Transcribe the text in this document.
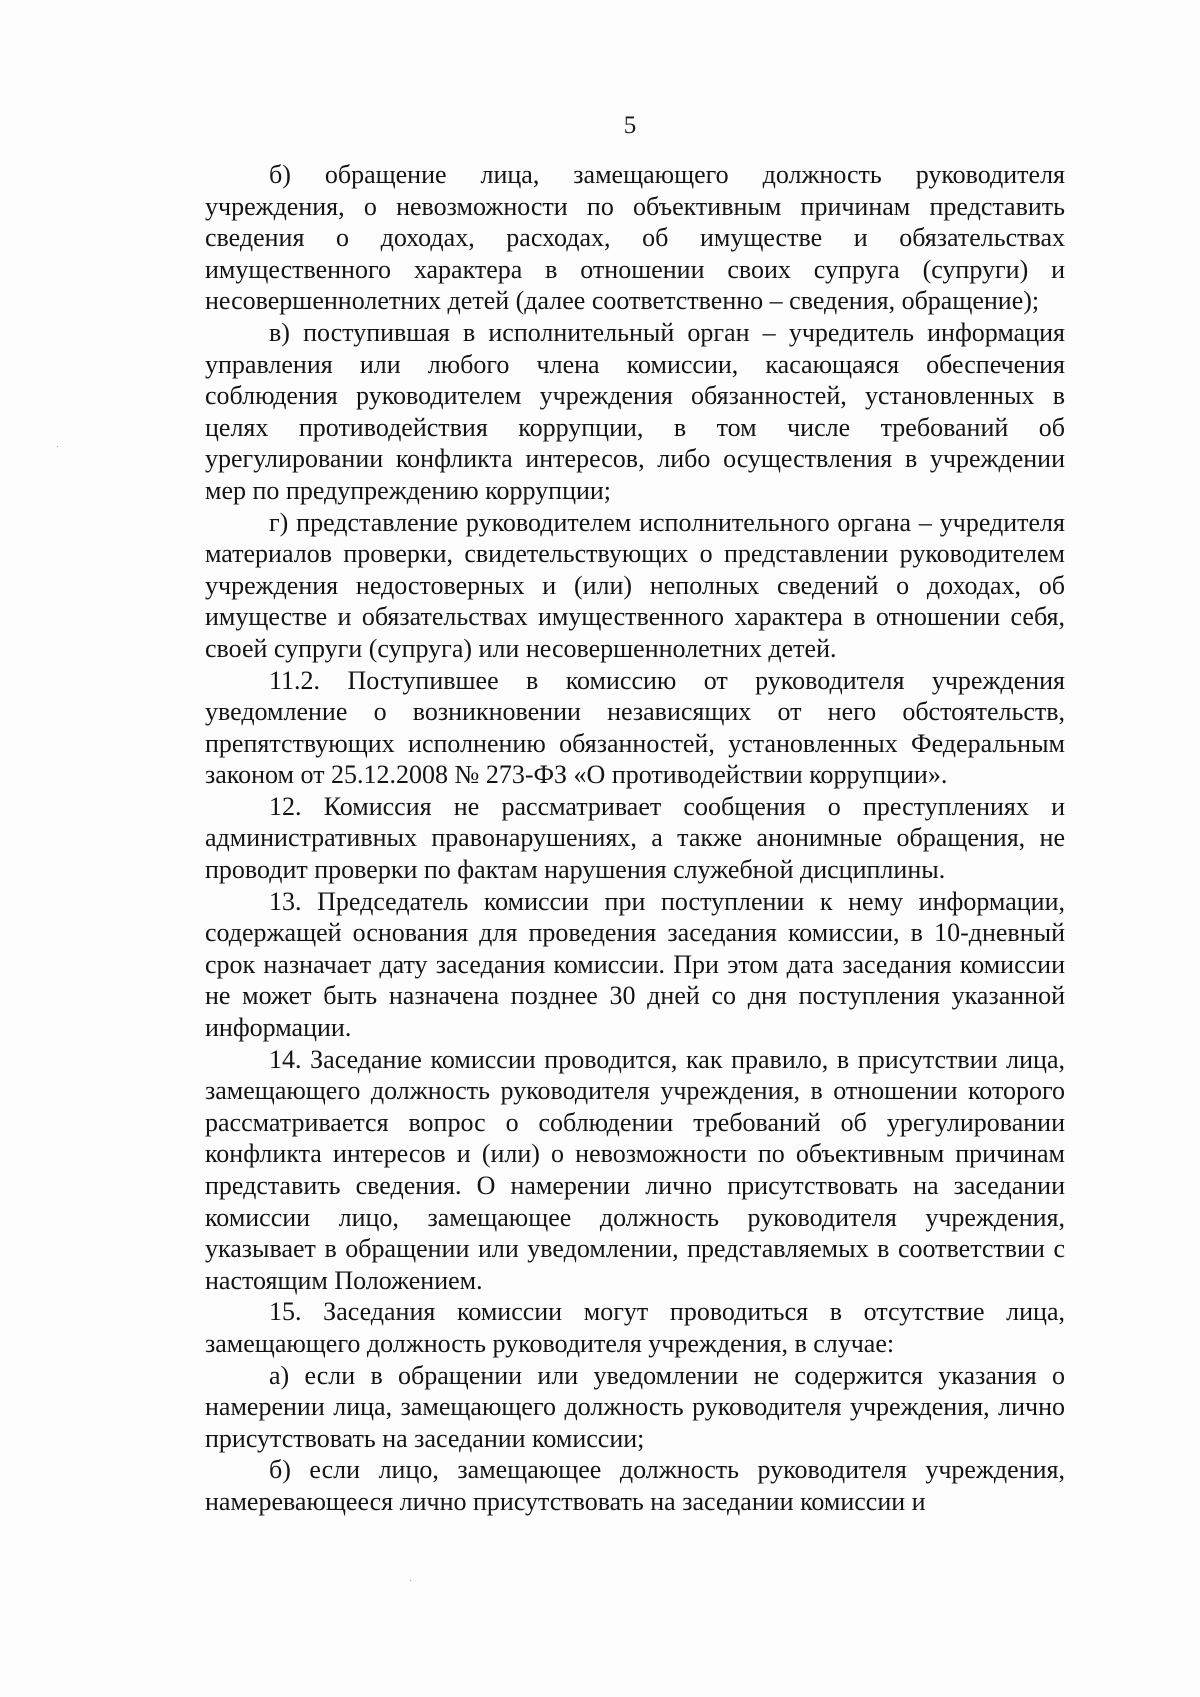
5

б) обращение лица, замещающего должность руководителя учреждения, о невозможности по объективным причинам представить сведения о доходах, расходах, об имуществе и обязательствах имущественного характера в отношении своих супруга (супруги) и несовершеннолетних детей (далее соответственно – сведения, обращение);

в) поступившая в исполнительный орган – учредитель информация управления или любого члена комиссии, касающаяся обеспечения соблюдения руководителем учреждения обязанностей, установленных в целях противодействия коррупции, в том числе требований об урегулировании конфликта интересов, либо осуществления в учреждении мер по предупреждению коррупции;

г) представление руководителем исполнительного органа – учредителя материалов проверки, свидетельствующих о представлении руководителем учреждения недостоверных и (или) неполных сведений о доходах, об имуществе и обязательствах имущественного характера в отношении себя, своей супруги (супруга) или несовершеннолетних детей.

11.2. Поступившее в комиссию от руководителя учреждения уведомление о возникновении независящих от него обстоятельств, препятствующих исполнению обязанностей, установленных Федеральным законом от 25.12.2008 № 273-ФЗ «О противодействии коррупции».

12. Комиссия не рассматривает сообщения о преступлениях и административных правонарушениях, а также анонимные обращения, не проводит проверки по фактам нарушения служебной дисциплины.

13. Председатель комиссии при поступлении к нему информации, содержащей основания для проведения заседания комиссии, в 10-дневный срок назначает дату заседания комиссии. При этом дата заседания комиссии не может быть назначена позднее 30 дней со дня поступления указанной информации.

14. Заседание комиссии проводится, как правило, в присутствии лица, замещающего должность руководителя учреждения, в отношении которого рассматривается вопрос о соблюдении требований об урегулировании конфликта интересов и (или) о невозможности по объективным причинам представить сведения. О намерении лично присутствовать на заседании комиссии лицо, замещающее должность руководителя учреждения, указывает в обращении или уведомлении, представляемых в соответствии с настоящим Положением.

15. Заседания комиссии могут проводиться в отсутствие лица, замещающего должность руководителя учреждения, в случае:

а) если в обращении или уведомлении не содержится указания о намерении лица, замещающего должность руководителя учреждения, лично присутствовать на заседании комиссии;

б) если лицо, замещающее должность руководителя учреждения, намеревающееся лично присутствовать на заседании комиссии и
